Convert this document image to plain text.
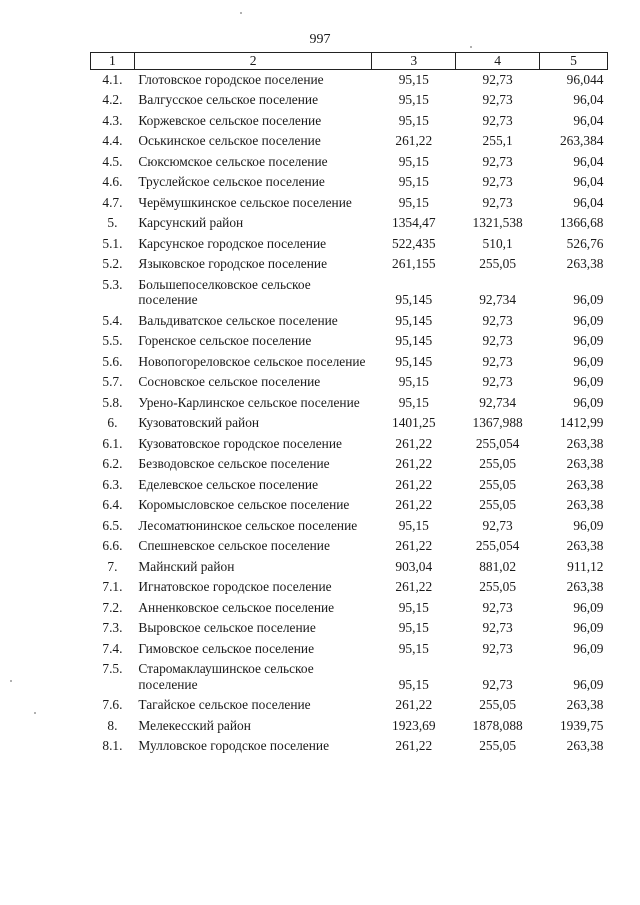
997
1	2	3	4	5
4.1.	Глотовское городское поселение	95,15	92,73	96,044
4.2.	Валгусское сельское поселение	95,15	92,73	96,04
4.3.	Коржевское сельское поселение	95,15	92,73	96,04
4.4.	Оськинское сельское поселение	261,22	255,1	263,384
4.5.	Сюксюмское сельское поселение	95,15	92,73	96,04
4.6.	Труслейское сельское поселение	95,15	92,73	96,04
4.7.	Черёмушкинское сельское поселение	95,15	92,73	96,04
5.	Карсунский район	1354,47	1321,538	1366,68
5.1.	Карсунское городское поселение	522,435	510,1	526,76
5.2.	Языковское городское поселение	261,155	255,05	263,38
5.3.	Большепоселковское сельское поселение	95,145	92,734	96,09
5.4.	Вальдиватское сельское поселение	95,145	92,73	96,09
5.5.	Горенское сельское поселение	95,145	92,73	96,09
5.6.	Новопогореловское сельское поселение	95,145	92,73	96,09
5.7.	Сосновское сельское поселение	95,15	92,73	96,09
5.8.	Урено-Карлинское сельское поселение	95,15	92,734	96,09
6.	Кузоватовский район	1401,25	1367,988	1412,99
6.1.	Кузоватовское городское поселение	261,22	255,054	263,38
6.2.	Безводовское сельское поселение	261,22	255,05	263,38
6.3.	Еделевское сельское поселение	261,22	255,05	263,38
6.4.	Коромысловское сельское поселение	261,22	255,05	263,38
6.5.	Лесоматюнинское сельское поселение	95,15	92,73	96,09
6.6.	Спешневское сельское поселение	261,22	255,054	263,38
7.	Майнский район	903,04	881,02	911,12
7.1.	Игнатовское городское поселение	261,22	255,05	263,38
7.2.	Анненковское сельское поселение	95,15	92,73	96,09
7.3.	Выровское сельское поселение	95,15	92,73	96,09
7.4.	Гимовское сельское поселение	95,15	92,73	96,09
7.5.	Старомаклаушинское сельское поселение	95,15	92,73	96,09
7.6.	Тагайское сельское поселение	261,22	255,05	263,38
8.	Мелекесский район	1923,69	1878,088	1939,75
8.1.	Мулловское городское поселение	261,22	255,05	263,38
